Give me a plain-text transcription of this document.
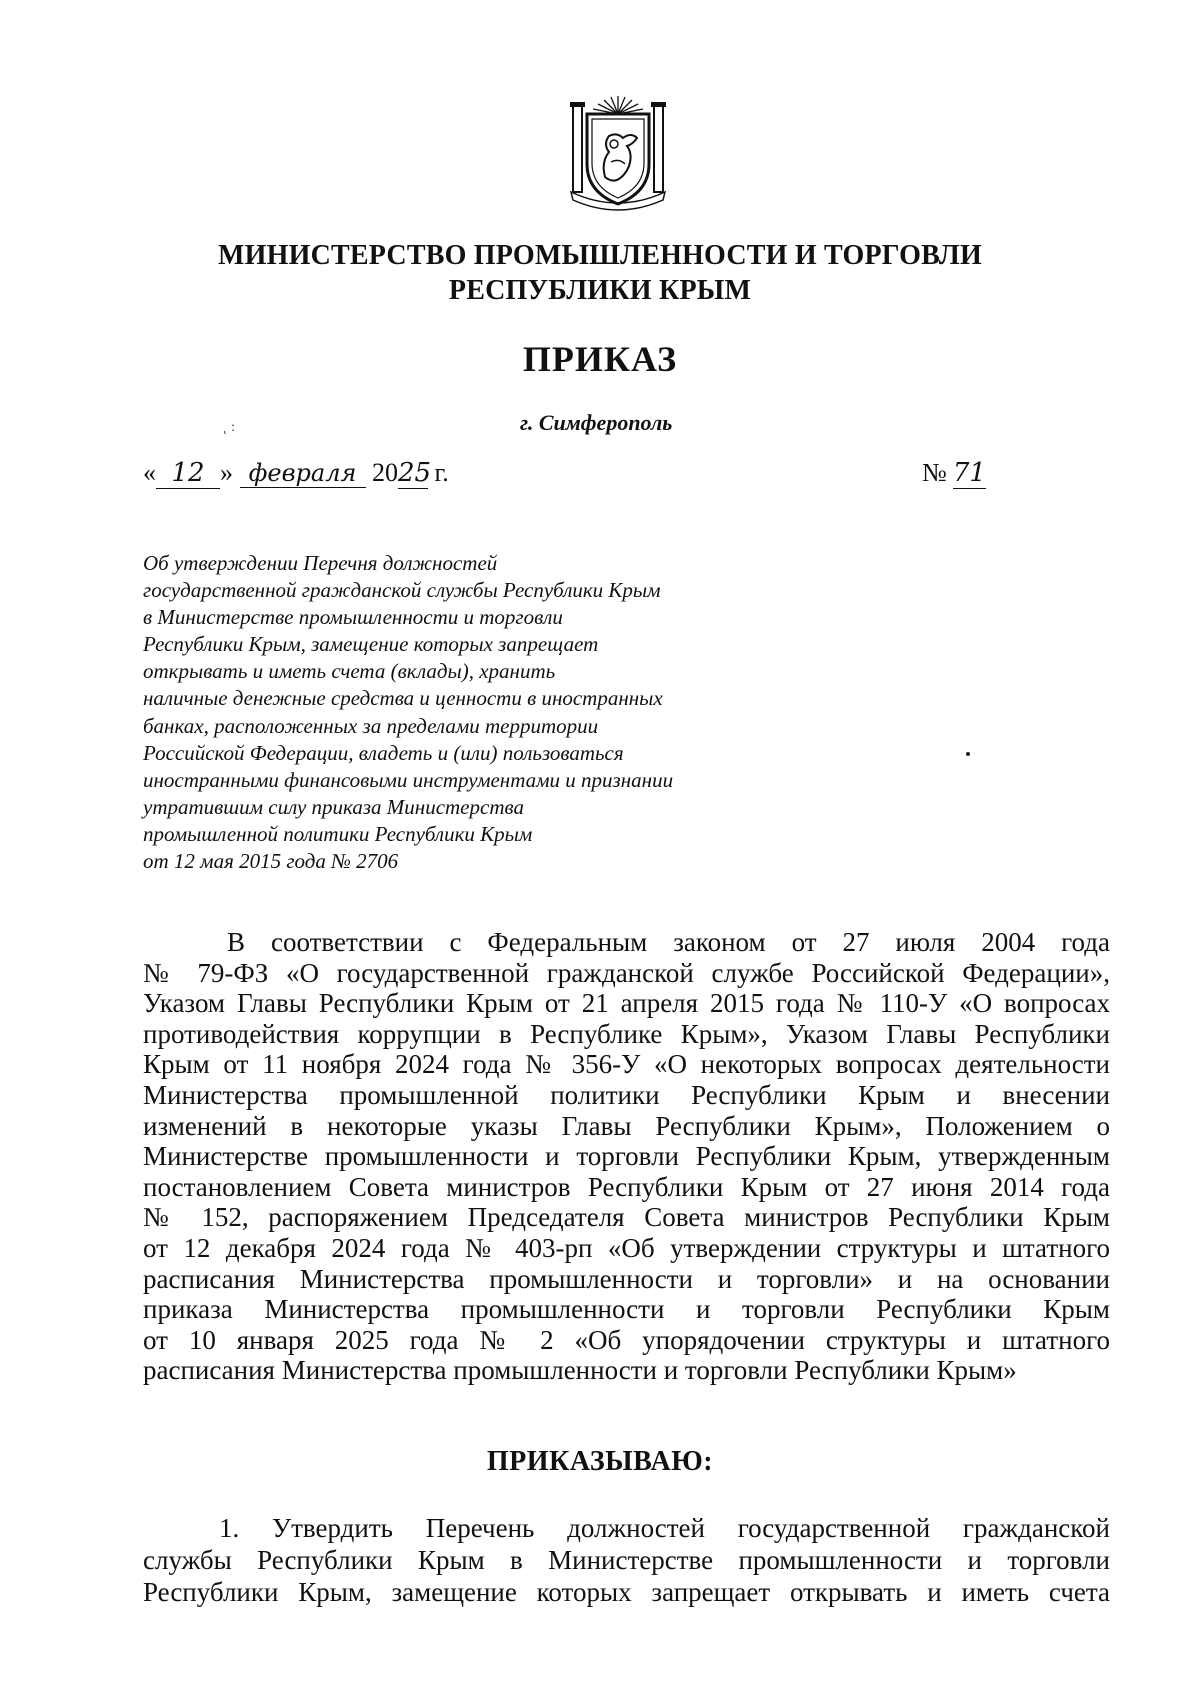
МИНИСТЕРСТВО ПРОМЫШЛЕННОСТИ И ТОРГОВЛИ
РЕСПУБЛИКИ КРЫМ
ПРИКАЗ
˛ :	г. Симферополь
« 12 » февраля 2025 г.	№ 71
Об утверждении Перечня должностей
государственной гражданской службы Республики Крым
в Министерстве промышленности и торговли
Республики Крым, замещение которых запрещает
открывать и иметь счета (вклады), хранить
наличные денежные средства и ценности в иностранных
банках, расположенных за пределами территории
Российской Федерации, владеть и (или) пользоваться
иностранными финансовыми инструментами и признании
утратившим силу приказа Министерства
промышленной политики Республики Крым
от 12 мая 2015 года № 2706
В соответствии с Федеральным законом от 27 июля 2004 года
№ 79-ФЗ «О государственной гражданской службе Российской Федерации»,
Указом Главы Республики Крым от 21 апреля 2015 года № 110-У «О вопросах
противодействия коррупции в Республике Крым», Указом Главы Республики
Крым от 11 ноября 2024 года № 356-У «О некоторых вопросах деятельности
Министерства промышленной политики Республики Крым и внесении
изменений в некоторые указы Главы Республики Крым», Положением о
Министерстве промышленности и торговли Республики Крым, утвержденным
постановлением Совета министров Республики Крым от 27 июня 2014 года
№ 152, распоряжением Председателя Совета министров Республики Крым
от 12 декабря 2024 года № 403-рп «Об утверждении структуры и штатного
расписания Министерства промышленности и торговли» и на основании
приказа Министерства промышленности и торговли Республики Крым
от 10 января 2025 года № 2 «Об упорядочении структуры и штатного
расписания Министерства промышленности и торговли Республики Крым»
ПРИКАЗЫВАЮ:
1. Утвердить Перечень должностей государственной гражданской
службы Республики Крым в Министерстве промышленности и торговли
Республики Крым, замещение которых запрещает открывать и иметь счета
